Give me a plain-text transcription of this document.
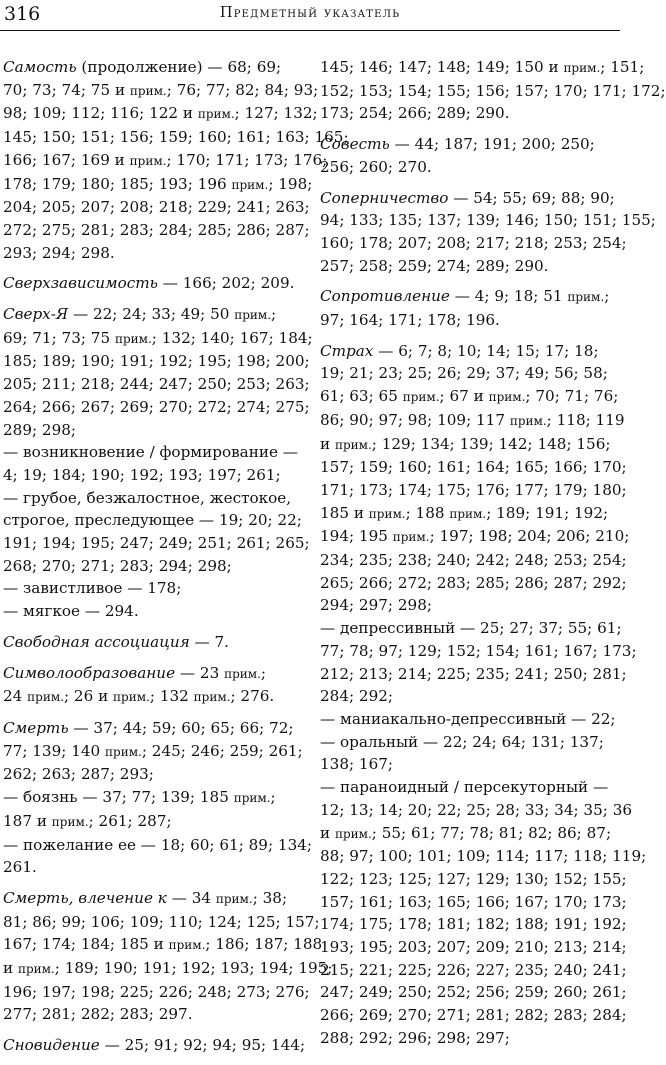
316	Предметный указатель
Самость (продолжение) — 68; 69;
70; 73; 74; 75 и прим.; 76; 77; 82; 84; 93;
98; 109; 112; 116; 122 и прим.; 127; 132;
145; 150; 151; 156; 159; 160; 161; 163; 165;
166; 167; 169 и прим.; 170; 171; 173; 176;
178; 179; 180; 185; 193; 196 прим.; 198;
204; 205; 207; 208; 218; 229; 241; 263;
272; 275; 281; 283; 284; 285; 286; 287;
293; 294; 298.
Сверхзависимость — 166; 202; 209.
Сверх-Я — 22; 24; 33; 49; 50 прим.;
69; 71; 73; 75 прим.; 132; 140; 167; 184;
185; 189; 190; 191; 192; 195; 198; 200;
205; 211; 218; 244; 247; 250; 253; 263;
264; 266; 267; 269; 270; 272; 274; 275;
289; 298;
— возникновение / формирование —
4; 19; 184; 190; 192; 193; 197; 261;
— грубое, безжалостное, жестокое,
строгое, преследующее — 19; 20; 22;
191; 194; 195; 247; 249; 251; 261; 265;
268; 270; 271; 283; 294; 298;
— завистливое — 178;
— мягкое — 294.
Свободная ассоциация — 7.
Символообразование — 23 прим.;
24 прим.; 26 и прим.; 132 прим.; 276.
Смерть — 37; 44; 59; 60; 65; 66; 72;
77; 139; 140 прим.; 245; 246; 259; 261;
262; 263; 287; 293;
— боязнь — 37; 77; 139; 185 прим.;
187 и прим.; 261; 287;
— пожелание ее — 18; 60; 61; 89; 134;
261.
Смерть, влечение к — 34 прим.; 38;
81; 86; 99; 106; 109; 110; 124; 125; 157;
167; 174; 184; 185 и прим.; 186; 187; 188
и прим.; 189; 190; 191; 192; 193; 194; 195;
196; 197; 198; 225; 226; 248; 273; 276;
277; 281; 282; 283; 297.
Сновидение — 25; 91; 92; 94; 95; 144;
145; 146; 147; 148; 149; 150 и прим.; 151;
152; 153; 154; 155; 156; 157; 170; 171; 172;
173; 254; 266; 289; 290.
Совесть — 44; 187; 191; 200; 250;
256; 260; 270.
Соперничество — 54; 55; 69; 88; 90;
94; 133; 135; 137; 139; 146; 150; 151; 155;
160; 178; 207; 208; 217; 218; 253; 254;
257; 258; 259; 274; 289; 290.
Сопротивление — 4; 9; 18; 51 прим.;
97; 164; 171; 178; 196.
Страх — 6; 7; 8; 10; 14; 15; 17; 18;
19; 21; 23; 25; 26; 29; 37; 49; 56; 58;
61; 63; 65 прим.; 67 и прим.; 70; 71; 76;
86; 90; 97; 98; 109; 117 прим.; 118; 119
и прим.; 129; 134; 139; 142; 148; 156;
157; 159; 160; 161; 164; 165; 166; 170;
171; 173; 174; 175; 176; 177; 179; 180;
185 и прим.; 188 прим.; 189; 191; 192;
194; 195 прим.; 197; 198; 204; 206; 210;
234; 235; 238; 240; 242; 248; 253; 254;
265; 266; 272; 283; 285; 286; 287; 292;
294; 297; 298;
— депрессивный — 25; 27; 37; 55; 61;
77; 78; 97; 129; 152; 154; 161; 167; 173;
212; 213; 214; 225; 235; 241; 250; 281;
284; 292;
— маниакально-депрессивный — 22;
— оральный — 22; 24; 64; 131; 137;
138; 167;
— параноидный / персекуторный —
12; 13; 14; 20; 22; 25; 28; 33; 34; 35; 36
и прим.; 55; 61; 77; 78; 81; 82; 86; 87;
88; 97; 100; 101; 109; 114; 117; 118; 119;
122; 123; 125; 127; 129; 130; 152; 155;
157; 161; 163; 165; 166; 167; 170; 173;
174; 175; 178; 181; 182; 188; 191; 192;
193; 195; 203; 207; 209; 210; 213; 214;
215; 221; 225; 226; 227; 235; 240; 241;
247; 249; 250; 252; 256; 259; 260; 261;
266; 269; 270; 271; 281; 282; 283; 284;
288; 292; 296; 298; 297;
